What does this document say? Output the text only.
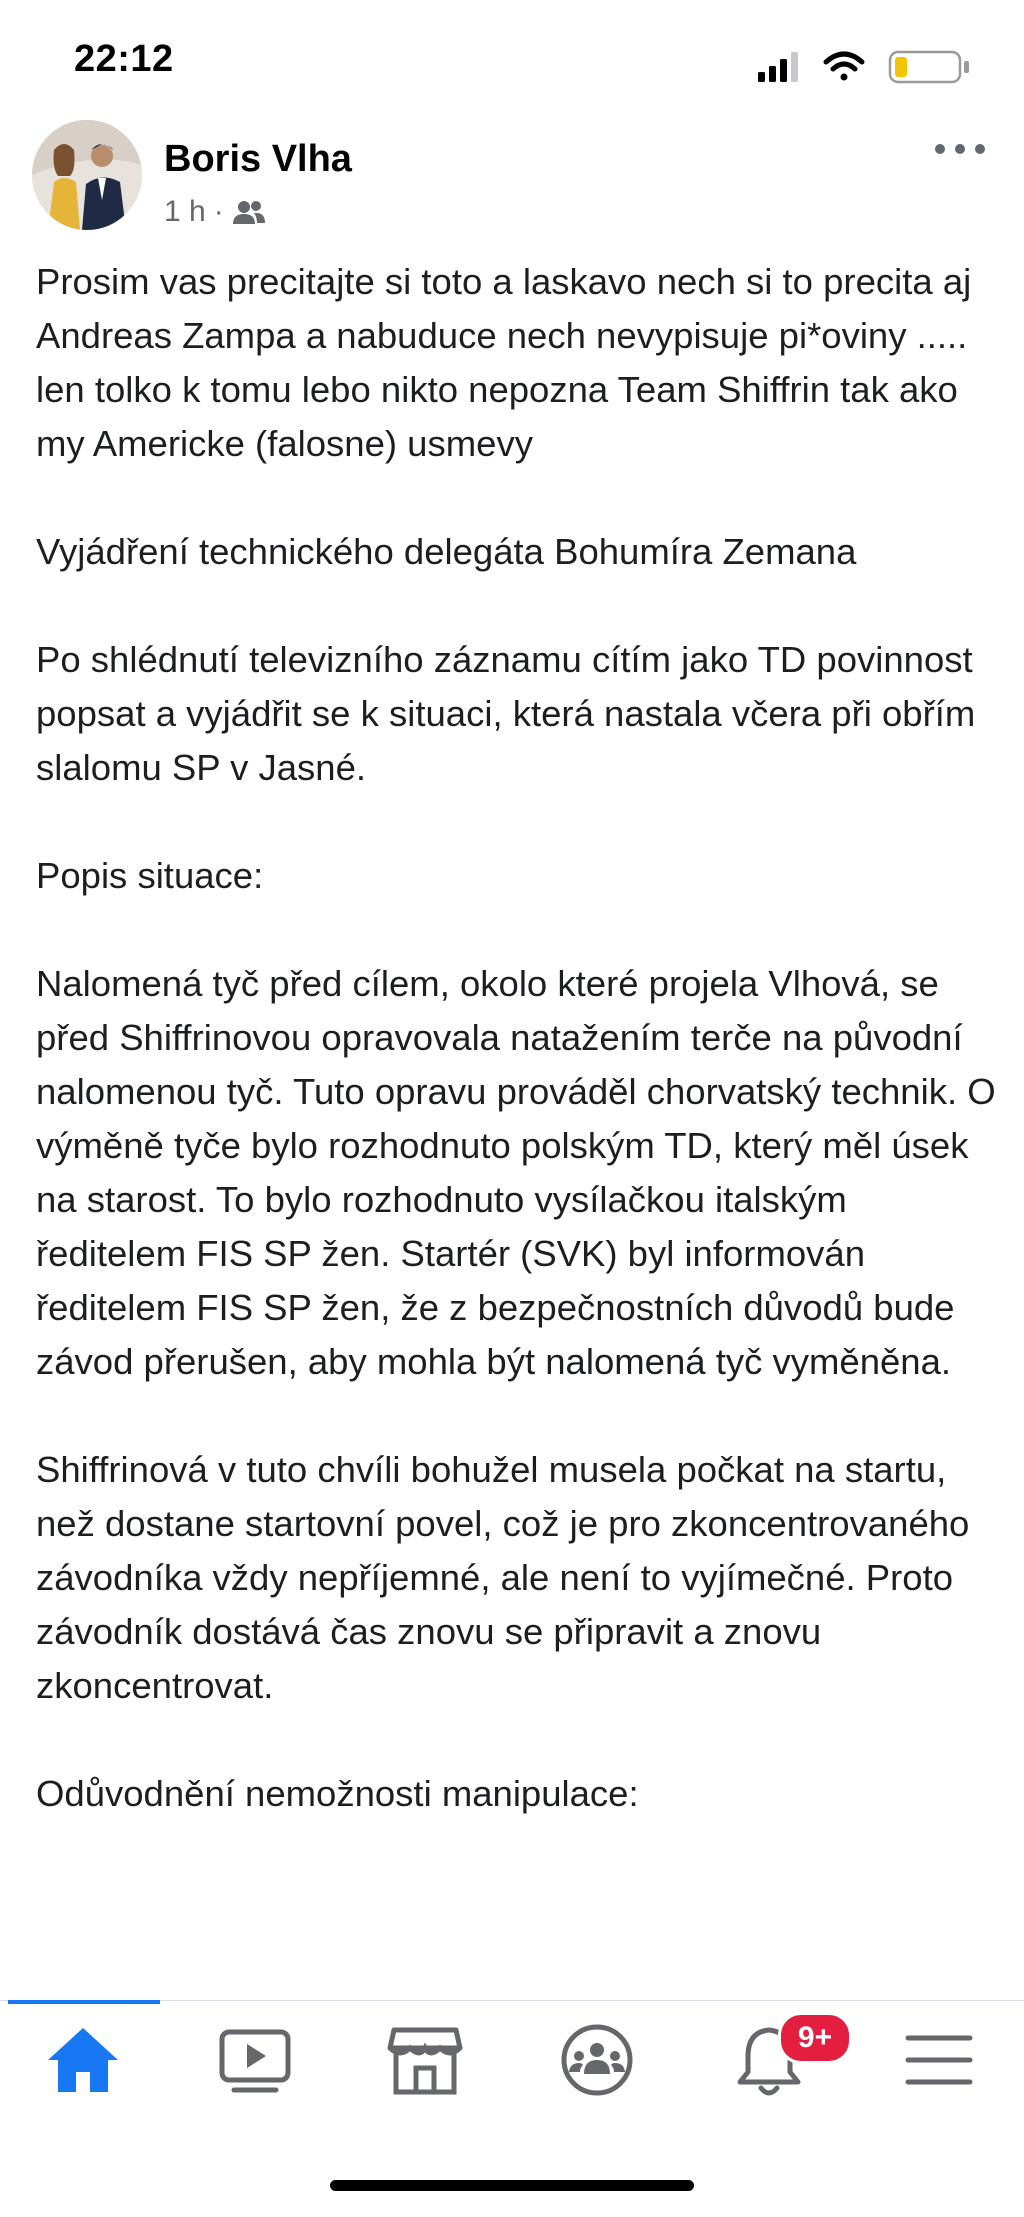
22:12
Boris Vlha
1 h ·

Prosim vas precitajte si toto a laskavo nech si to precita aj Andreas Zampa a nabuduce nech nevypisuje pi*oviny ..... len tolko k tomu lebo nikto nepozna Team Shiffrin tak ako my Americke (falosne) usmevy

Vyjádření technického delegáta Bohumíra Zemana

Po shlédnutí televizního záznamu cítím jako TD povinnost popsat a vyjádřit se k situaci, která nastala včera při obřím slalomu SP v Jasné.

Popis situace:

Nalomená tyč před cílem, okolo které projela Vlhová, se před Shiffrinovou opravovala natažením terče na původní nalomenou tyč. Tuto opravu prováděl chorvatský technik. O výměně tyče bylo rozhodnuto polským TD, který měl úsek na starost. To bylo rozhodnuto vysílačkou italským ředitelem FIS SP žen. Startér (SVK) byl informován ředitelem FIS SP žen, že z bezpečnostních důvodů bude závod přerušen, aby mohla být nalomená tyč vyměněna.

Shiffrinová v tuto chvíli bohužel musela počkat na startu, než dostane startovní povel, což je pro zkoncentrovaného závodníka vždy nepříjemné, ale není to vyjímečné. Proto závodník dostává čas znovu se připravit a znovu zkoncentrovat.

Odůvodnění nemožnosti manipulace:

9+
